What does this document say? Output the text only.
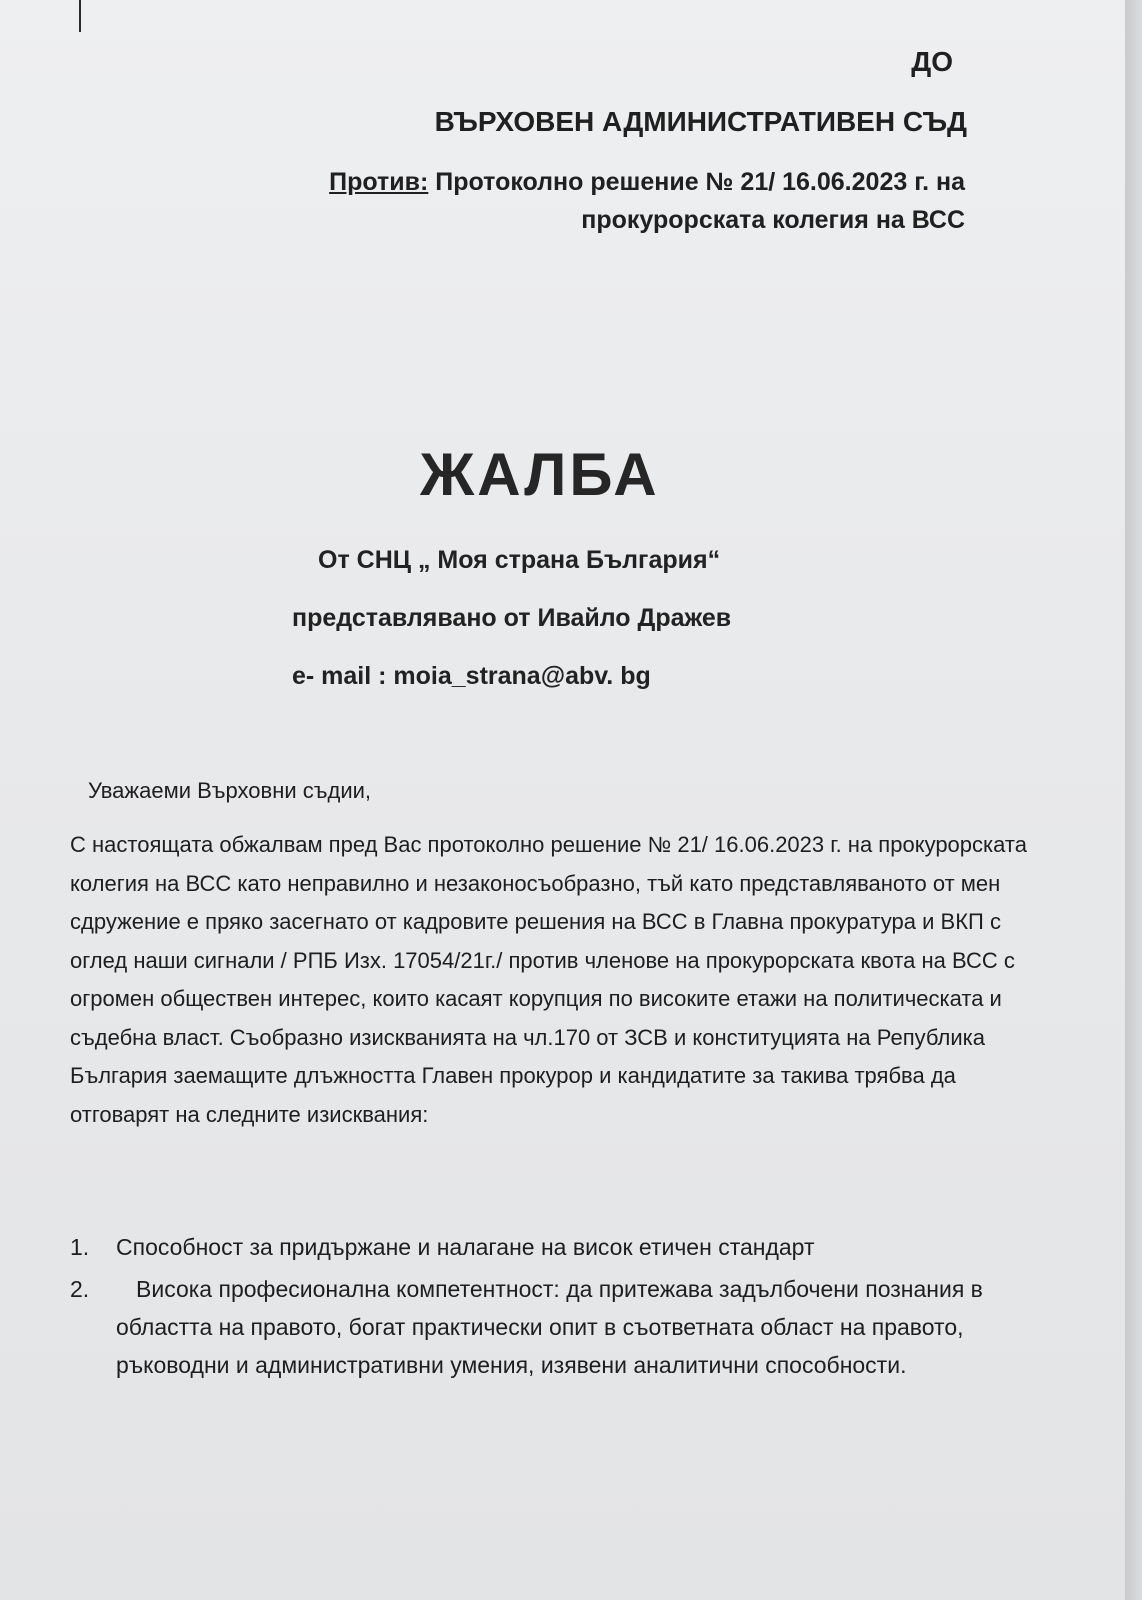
ДО
ВЪРХОВЕН АДМИНИСТРАТИВЕН СЪД
Против: Протоколно решение № 21/ 16.06.2023 г. на
прокурорската колегия на ВСС
ЖАЛБА
От СНЦ „ Моя страна България“
представлявано от Ивайло Дражев
e- mail : moia_strana@abv. bg
Уважаеми Върховни съдии,
С настоящата обжалвам пред Вас протоколно решение № 21/ 16.06.2023 г. на прокурорската колегия на ВСС като неправилно и незаконосъобразно, тъй като представляваното от мен сдружение е пряко засегнато от кадровите решения на ВСС в Главна прокуратура и ВКП с оглед наши сигнали / РПБ Изх. 17054/21г./ против членове на прокурорската квота на ВСС с огромен обществен интерес, които касаят корупция по високите етажи на политическата и съдебна власт. Съобразно изискванията на чл.170 от ЗСВ и конституцията на Република България заемащите длъжността Главен прокурор и кандидатите за такива трябва да отговарят на следните изисквания:
1. Способност за придържане и налагане на висок етичен стандарт
2.	Висока професионална компетентност: да притежава задълбочени познания в областта на правото, богат практически опит в съответната област на правото, ръководни и административни умения, изявени аналитични способности.
